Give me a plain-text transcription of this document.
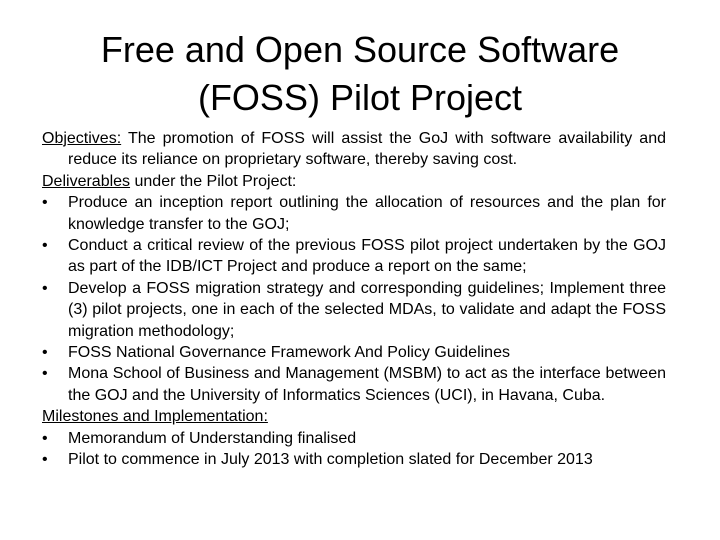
Free and Open Source Software
(FOSS) Pilot Project

Objectives: The promotion of FOSS will assist the GoJ with software availability and reduce its reliance on proprietary software, thereby saving cost.

Deliverables under the Pilot Project:

•	Produce an inception report outlining the allocation of resources and the plan for knowledge transfer to the GOJ;
•	Conduct a critical review of the previous FOSS pilot project undertaken by the GOJ as part of the IDB/ICT Project and produce a report on the same;
•	Develop a FOSS migration strategy and corresponding guidelines; Implement three (3) pilot projects, one in each of the selected MDAs, to validate and adapt the FOSS migration methodology;
•	FOSS National Governance Framework And Policy Guidelines
•	Mona School of Business and Management (MSBM) to act as the interface between the GOJ and the University of Informatics Sciences (UCI), in Havana, Cuba.

Milestones and Implementation:

•	Memorandum of Understanding finalised
•	Pilot to commence in July 2013 with completion slated for December 2013
